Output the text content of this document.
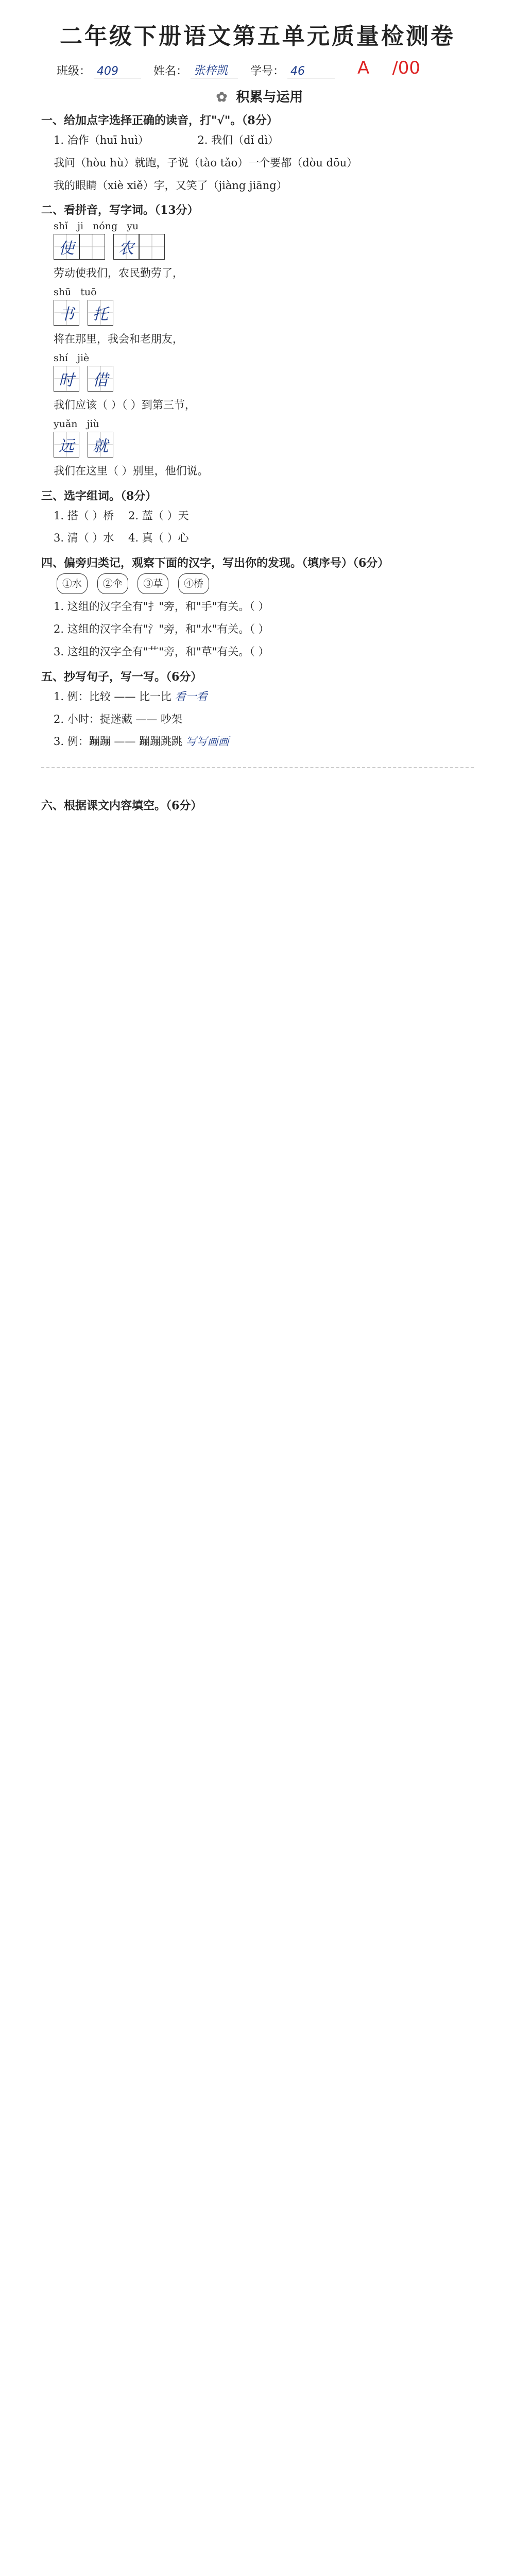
二年级下册语文第五单元质量检测卷
班级： 409	姓名： 张梓凯	学号： 46	A /00
✿ 积累与运用
一、给加点字选择正确的读音，打"√"。（8分）
1. 冶作（huī huì）　　　　　2. 我们（dǐ dì）
我问（hòu hù）就跑，子说（tào tǎo）一个要都（dòu dōu）
我的眼睛（xiè xiě）字，又笑了（jiàng jiāng）
二、看拼音，写字词。（13分）
shǐ ji nóng yu
使	农
劳动使我们，农民勤劳了，
shū tuō
书	托
将在那里，我会和老朋友，
shí jiè
时	借
我们应该（ ）（ ）到第三节，
yuǎn jiù
远	就
我们在这里（ ）别里，他们说。
三、选字组词。（8分）
1. 搭（ ）桥 　2. 蓝（ ）天
3. 清（ ）水 　4. 真（ ）心
四、偏旁归类记，观察下面的汉字，写出你的发现。（填序号）（6分）
①水 ②伞 ③草 ④桥
1. 这组的汉字全有"扌"旁，和"手"有关。（ ）
2. 这组的汉字全有"氵"旁，和"水"有关。（ ）
3. 这组的汉字全有"艹"旁，和"草"有关。（ ）
五、抄写句子，写一写。（6分）
1. 例：比较 —— 比一比 看一看
2. 小时：捉迷藏 —— 吵架
3. 例：蹦蹦 —— 蹦蹦跳跳 写写画画
六、根据课文内容填空。（6分）
